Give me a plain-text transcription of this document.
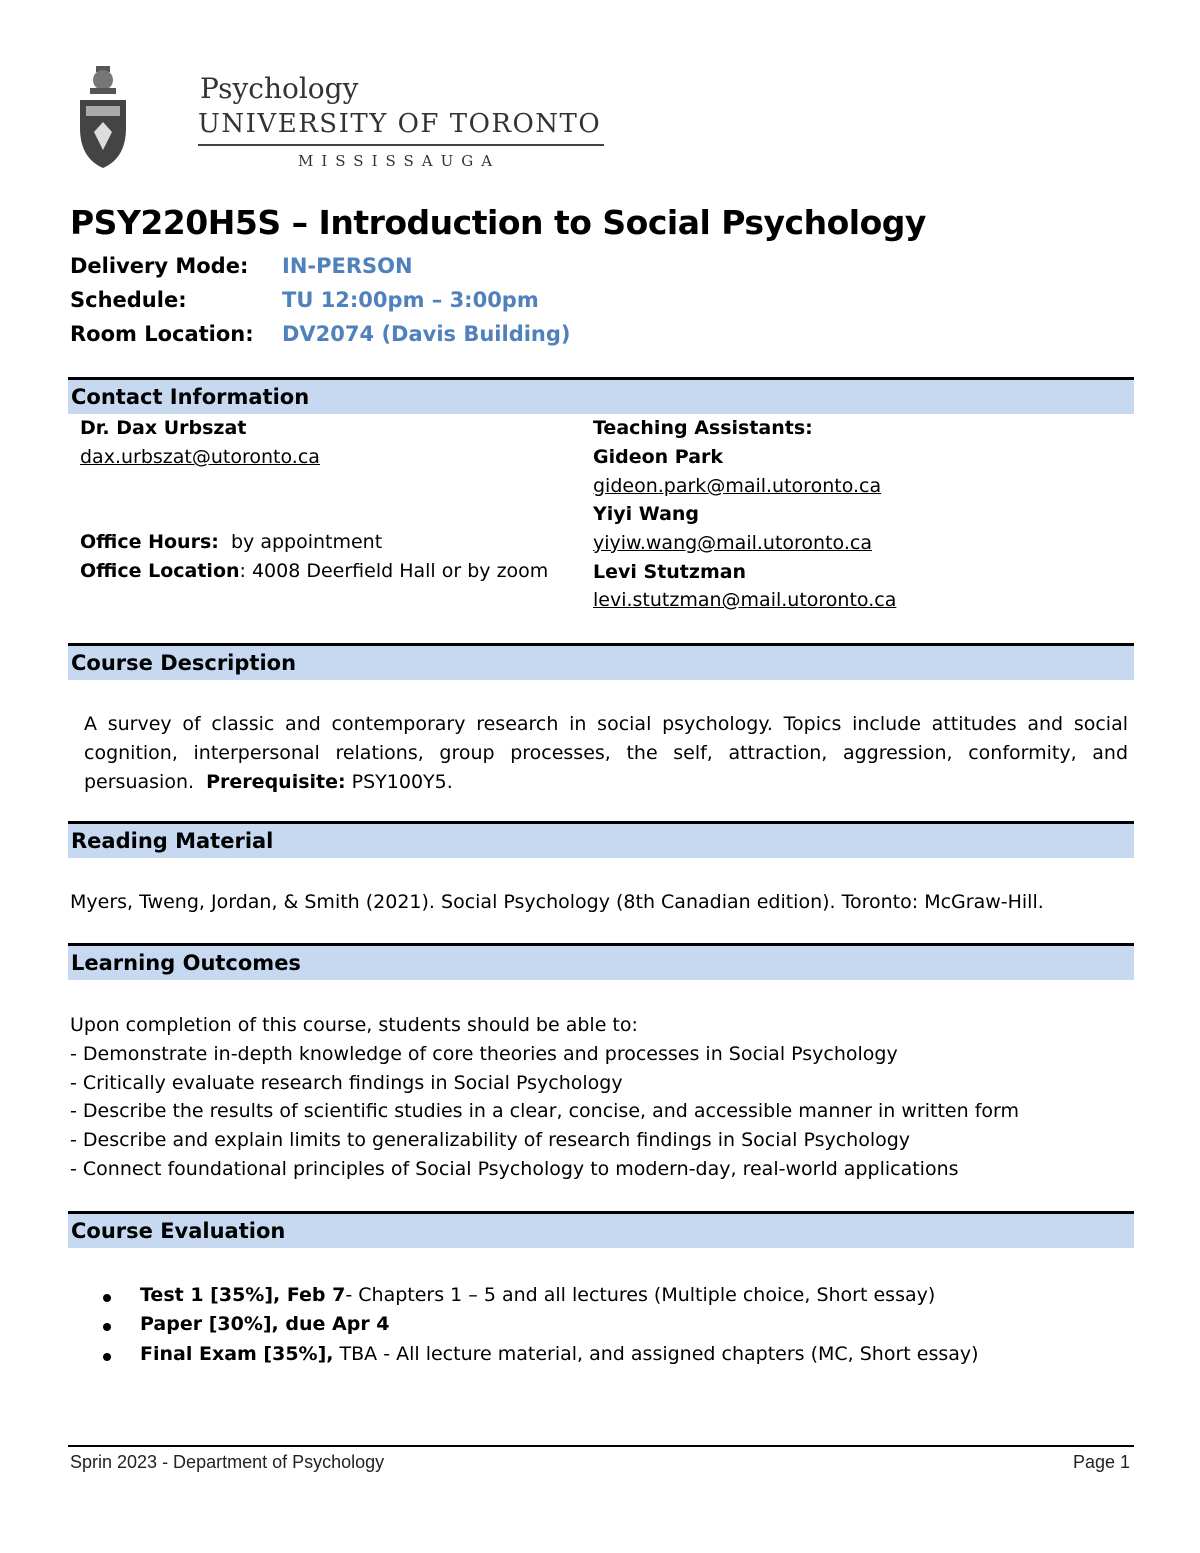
Psychology
UNIVERSITY OF TORONTO
MISSISSAUGA
PSY220H5S – Introduction to Social Psychology
Delivery Mode: IN-PERSON
Schedule:	TU 12:00pm – 3:00pm
Room Location: DV2074 (Davis Building)
Contact Information
Dr. Dax Urbszat
dax.urbszat@utoronto.ca
Office Hours: by appointment
Office Location: 4008 Deerfield Hall or by zoom
Teaching Assistants:
Gideon Park
gideon.park@mail.utoronto.ca
Yiyi Wang
yiyiw.wang@mail.utoronto.ca
Levi Stutzman
levi.stutzman@mail.utoronto.ca
Course Description
A survey of classic and contemporary research in social psychology. Topics include attitudes and social cognition, interpersonal relations, group processes, the self, attraction, aggression, conformity, and persuasion. Prerequisite: PSY100Y5.
Reading Material
Myers, Tweng, Jordan, & Smith (2021). Social Psychology (8th Canadian edition). Toronto: McGraw-Hill.
Learning Outcomes
Upon completion of this course, students should be able to:
- Demonstrate in-depth knowledge of core theories and processes in Social Psychology
- Critically evaluate research findings in Social Psychology
- Describe the results of scientific studies in a clear, concise, and accessible manner in written form
- Describe and explain limits to generalizability of research findings in Social Psychology
- Connect foundational principles of Social Psychology to modern-day, real-world applications
Course Evaluation
Test 1 [35%], Feb 7- Chapters 1 – 5 and all lectures (Multiple choice, Short essay)
Paper [30%], due Apr 4
Final Exam [35%], TBA - All lecture material, and assigned chapters (MC, Short essay)
Sprin 2023 - Department of Psychology	Page 1
